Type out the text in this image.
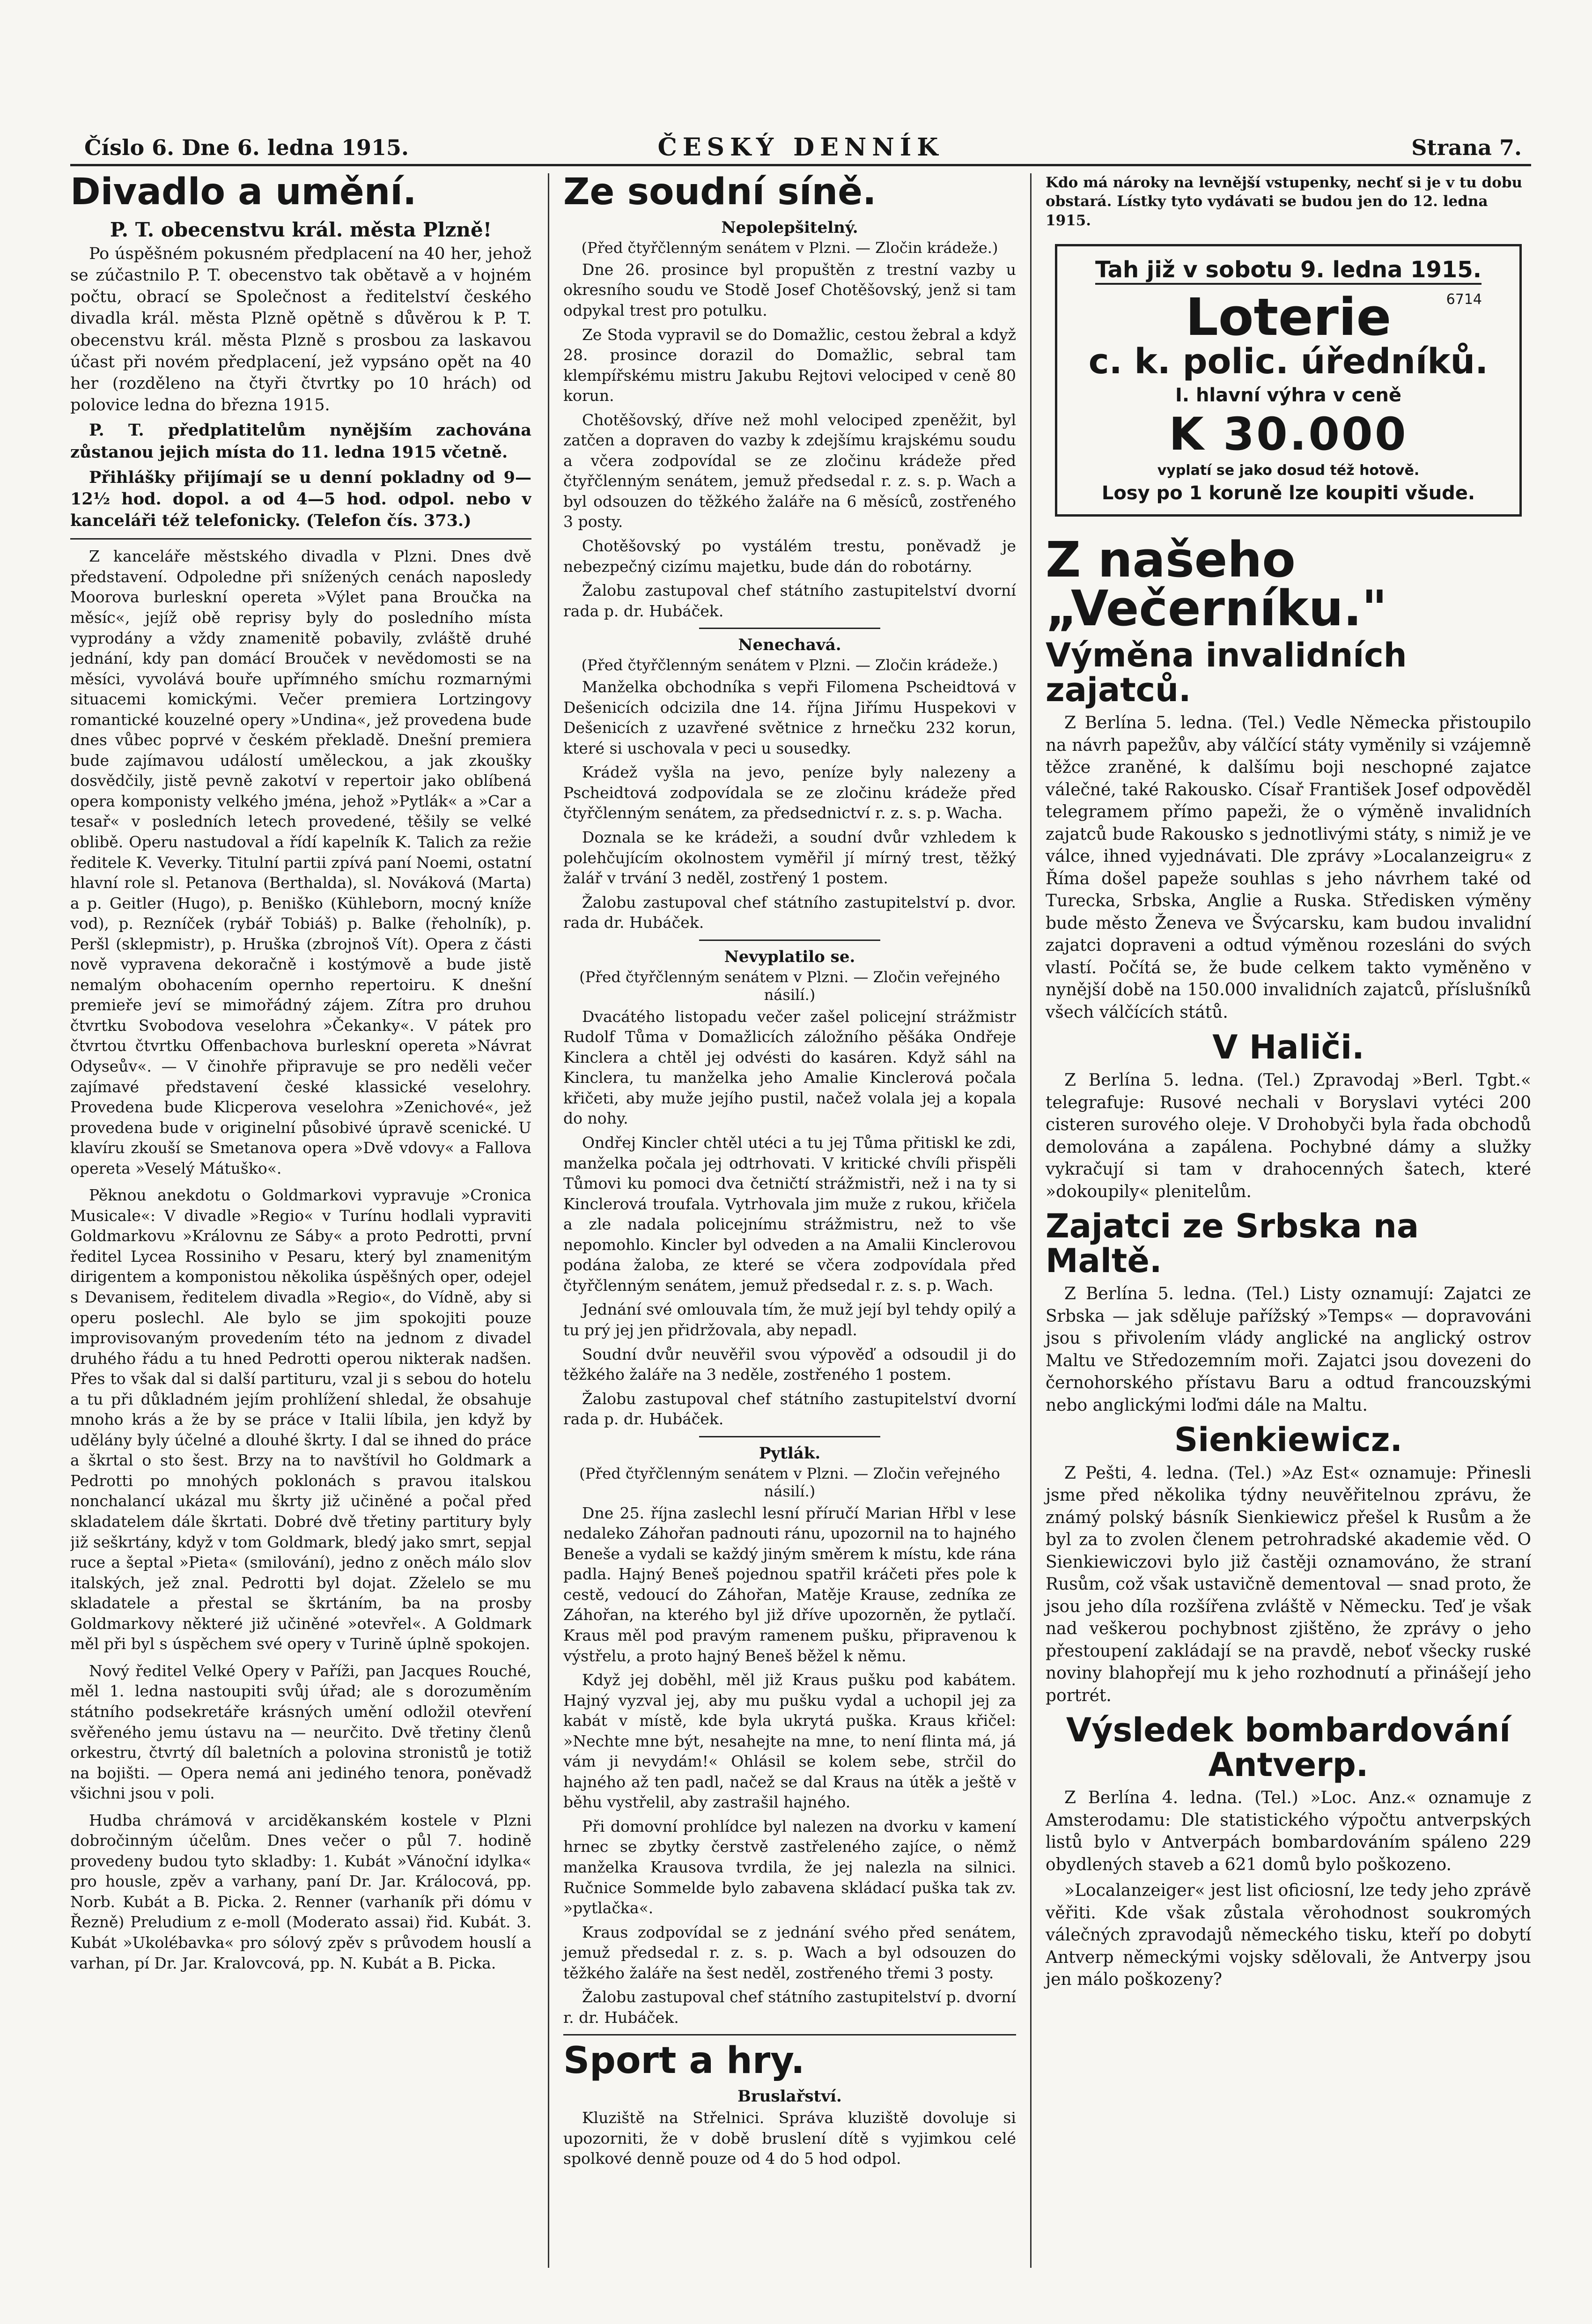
Číslo 6. Dne 6. ledna 1915.	ČESKÝ DENNÍK	Strana 7.
Divadlo a umění.
P. T. obecenstvu král. města Plzně!

Po úspěšném pokusném předplacení na 40 her, jehož se zúčastnilo P. T. obecenstvo tak obětavě a v hojném počtu, obrací se Společnost a ředitelství českého divadla král. města Plzně opětně s důvěrou k P. T. obecenstvu král. města Plzně s prosbou za laskavou účast při novém předplacení, jež vypsáno opět na 40 her (rozděleno na čtyři čtvrtky po 10 hrách) od polovice ledna do března 1915.

P. T. předplatitelům nynějším zachována zůstanou jejich místa do 11. ledna 1915 včetně.

Přihlášky přijímají se u denní pokladny od 9—12½ hod. dopol. a od 4—5 hod. odpol. nebo v kanceláři též telefonicky. (Telefon čís. 373.)

Z kanceláře městského divadla v Plzni. Dnes dvě představení. Odpoledne při snížených cenách naposledy Moorova burleskní opereta »Výlet pana Broučka na měsíc«, jejíž obě reprisy byly do posledního místa vyprodány a vždy znamenitě pobavily, zvláště druhé jednání, kdy pan domácí Brouček v nevědomosti se na měsíci, vyvolává bouře upřímného smíchu rozmarnými situacemi komickými. Večer premiera Lortzingovy romantické kouzelné opery »Undina«, jež provedena bude dnes vůbec poprvé v českém překladě. Dnešní premiera bude zajímavou událostí uměleckou, a jak zkoušky dosvědčily, jistě pevně zakotví v repertoir jako oblíbená opera komponisty velkého jména, jehož »Pytlák« a »Car a tesař« v posledních letech provedené, těšily se velké oblibě. Operu nastudoval a řídí kapelník K. Talich za režie ředitele K. Veverky. Titulní partii zpívá paní Noemi, ostatní hlavní role sl. Petanova (Berthalda), sl. Nováková (Marta) a p. Geitler (Hugo), p. Beniško (Kühleborn, mocný knížе vod), p. Rezníček (rybář Tobiáš) p. Balke (řeholník), p. Peršl (sklepmistr), p. Hruška (zbrojnoš Vít). Opera z části nově vypravena dekoračně i kostýmově a bude jistě nemalým obohacením opernho repertoiru. K dnešní premieře jeví se mimořádný zájem. Zítra pro druhou čtvrtku Svobodova veselohra »Čekanky«. V pátek pro čtvrtou čtvrtku Offenbachova burleskní opereta »Návrat Odyseův«. — V činohře připravuje se pro neděli večer zajímavé představení české klassické veselohry. Provedena bude Klicperova veselohra »Zenichové«, jež provedena bude v originelní působivé úpravě scenické. U klavíru zkouší se Smetanova opera »Dvě vdovy« a Fallova opereta »Veselý Mátuško«.

Pěknou anekdotu o Goldmarkovi vypravuje »Cronica Musicale«: V divadle »Regio« v Turínu hodlali vypraviti Goldmarkovu »Královnu ze Sáby« a proto Pedrotti, první ředitel Lycea Rossiniho v Pesaru, který byl znamenitým dirigentem a komponistou několika úspěšných oper, odejel s Devanisem, ředitelem divadla »Regio«, do Vídně, aby si operu poslechl. Ale bylo se jim spokojiti pouze improvisovaným provedením této na jednom z divadel druhého řádu a tu hned Pedrotti operou nikterak nadšen. Přes to však dal si další partituru, vzal ji s sebou do hotelu a tu při důkladném jejím prohlížení shledal, že obsahuje mnoho krás a že by se práce v Italii líbila, jen když by udělány byly účelné a dlouhé škrty. I dal se ihned do práce a škrtal o sto šest. Brzy na to navštívil ho Goldmark a Pedrotti po mnohých poklonách s pravou italskou nonchalancí ukázal mu škrty již učiněné a počal před skladatelem dále škrtati. Dobré dvě třetiny partitury byly již seškrtány, když v tom Goldmark, bledý jako smrt, sepjal ruce a šeptal »Pieta« (smilování), jedno z oněch málo slov italských, jež znal. Pedrotti byl dojat. Zželelo se mu skladatele a přestal se škrtáním, ba na prosby Goldmarkovy některé již učiněné »otevřel«. A Goldmark měl při byl s úspěchem své opery v Turině úplně spokojen.

Nový ředitel Velké Opery v Paříži, pan Jacques Rouché, měl 1. ledna nastoupiti svůj úřad; ale s dorozuměním státního podsekretáře krásných umění odložil otevření svěřeného jemu ústavu na — neurčito. Dvě třetiny členů orkestru, čtvrtý díl baletních a polovina stronistů je totiž na bojišti. — Opera nemá ani jediného tenora, poněvadž všichni jsou v poli.

Hudba chrámová v arciděkanském kostele v Plzni dobročinným účelům. Dnes večer o půl 7. hodině provedeny budou tyto skladby: 1. Kubát »Vánoční idylka« pro housle, zpěv a varhany, paní Dr. Jar. Králocová, pp. Norb. Kubát a B. Picka. 2. Renner (varhaník při dómu v Řezně) Preludium z e-moll (Moderato assai) řid. Kubát. 3. Kubát »Ukolébavka« pro sólový zpěv s průvodem houslí a varhan, pí Dr. Jar. Kralovcová, pp. N. Kubát a B. Picka.

Ze soudní síně.
Nepolepšitelný.
(Před čtyřčlenným senátem v Plzni. — Zločin krádeže.)

Dne 26. prosince byl propuštěn z trestní vazby u okresního soudu ve Stodě Josef Chotěšovský, jenž si tam odpykal trest pro potulku.

Ze Stoda vypravil se do Domažlic, cestou žebral a když 28. prosince dorazil do Domažlic, sebral tam klempířskému mistru Jakubu Rejtovi velociped v ceně 80 korun.

Chotěšovský, dříve než mohl velociped zpeněžit, byl zatčen a dopraven do vazby k zdejšímu krajskému soudu a včera zodpovídal se ze zločinu krádeže před čtyřčlenným senátem, jemuž předsedal r. z. s. p. Wach a byl odsouzen do těžkého žaláře na 6 měsíců, zostřeného 3 posty.

Chotěšovský po vystálém trestu, poněvadž je nebezpečný cizímu majetku, bude dán do robotárny.

Žalobu zastupoval chef státního zastupitelství dvorní rada p. dr. Hubáček.

Nenechavá.
(Před čtyřčlenným senátem v Plzni. — Zločin krádeže.)

Manželka obchodníka s vepři Filomena Pscheidtová v Dešenicích odcizila dne 14. října Jiřímu Huspekovi v Dešenicích z uzavřené světnice z hrnečku 232 korun, které si uschovala v peci u sousedky.

Krádež vyšla na jevo, peníze byly nalezeny a Pscheidtová zodpovídala se ze zločinu krádeže před čtyřčlenným senátem, za předsednictví r. z. s. p. Wacha.

Doznala se ke krádeži, a soudní dvůr vzhledem k polehčujícím okolnostem vyměřil jí mírný trest, těžký žalář v trvání 3 neděl, zostřený 1 postem.

Žalobu zastupoval chef státního zastupitelství p. dvor. rada dr. Hubáček.

Nevyplatilo se.
(Před čtyřčlenným senátem v Plzni. — Zločin veřejného násilí.)

Dvacátého listopadu večer zašel policejní strážmistr Rudolf Tůma v Domažlicích záložního pěšáka Ondřeje Kinclera a chtěl jej odvésti do kasáren. Když sáhl na Kinclera, tu manželka jeho Amalie Kinclerová počala křičeti, aby muže jejího pustil, načež volala jej a kopala do nohy.

Ondřej Kincler chtěl utéci a tu jej Tůma přitiskl ke zdi, manželka počala jej odtrhovati. V kritické chvíli přispěli Tůmovi ku pomoci dva četničtí strážmistři, než i na ty si Kinclerová troufala. Vytrhovala jim muže z rukou, křičela a zle nadala policejnímu strážmistru, než to vše nepomohlo. Kincler byl odveden a na Amalii Kinclerovou podána žaloba, ze které se včera zodpovídala před čtyřčlenným senátem, jemuž předsedal r. z. s. p. Wach.

Jednání své omlouvala tím, že muž její byl tehdy opilý a tu prý jej jen přidržovala, aby nepadl.

Soudní dvůr neuvěřil svou výpověď a odsoudil ji do těžkého žaláře na 3 neděle, zostřeného 1 postem.

Žalobu zastupoval chef státního zastupitelství dvorní rada p. dr. Hubáček.

Pytlák.
(Před čtyřčlenným senátem v Plzni. — Zločin veřejného násilí.)

Dne 25. října zaslechl lesní příručí Marian Hřbl v lese nedaleko Záhořan padnouti ránu, upozornil na to hajného Beneše a vydali se každý jiným směrem k místu, kde rána padla. Hajný Beneš pojednou spatřil kráčeti přes pole k cestě, vedoucí do Záhořan, Matěje Krause, zedníka ze Záhořan, na kterého byl již dříve upozorněn, že pytlačí. Kraus měl pod pravým ramenem pušku, připravenou k výstřelu, a proto hajný Beneš běžel k němu.

Když jej doběhl, měl již Kraus pušku pod kabátem. Hajný vyzval jej, aby mu pušku vydal a uchopil jej za kabát v místě, kde byla ukrytá puška. Kraus křičel: »Nechte mne být, nesahejte na mne, to není flinta má, já vám ji nevydám!« Ohlásil se kolem sebe, strčil do hajného až ten padl, načež se dal Kraus na útěk a ještě v běhu vystřelil, aby zastrašil hajného.

Při domovní prohlídce byl nalezen na dvorku v kamení hrnec se zbytky čerstvě zastřeleného zajíce, o němž manželka Krausova tvrdila, že jej nalezla na silnici. Ručnice Sommelde bylo zabavena skládací puška tak zv. »pytlačka«.

Kraus zodpovídal se z jednání svého před senátem, jemuž předsedal r. z. s. p. Wach a byl odsouzen do těžkého žaláře na šest neděl, zostřeného třemi 3 posty.

Žalobu zastupoval chef státního zastupitelství p. dvorní r. dr. Hubáček.

Sport a hry.
Bruslařství.

Kluziště na Střelnici. Správa kluziště dovoluje si upozorniti, že v době bruslení dítě s vyjimkou celé spolkové denně pouze od 4 do 5 hod odpol.

Kdo má nároky na levnější vstupenky, nechť si je v tu dobu obstará. Lístky tyto vydávati se budou jen do 12. ledna 1915.
Tah již v sobotu 9. ledna 1915.
6714
Loterie
c. k. polic. úředníků.
I. hlavní výhra v ceně
K 30.000
vyplatí se jako dosud též hotově.
Losy po 1 koruně lze koupiti všude.
Z našeho „Večerníku."
Výměna invalidních zajatců.

Z Berlína 5. ledna. (Tel.) Vedle Německa přistoupilo na návrh papežův, aby válčící státy vyměnily si vzájemně těžce zraněné, k dalšímu boji neschopné zajatce válečné, také Rakousko. Císař František Josef odpověděl telegramem přímo papeži, že o výměně invalidních zajatců bude Rakousko s jednotlivými státy, s nimiž je ve válce, ihned vyjednávati. Dle zprávy »Localanzeigru« z Říma došel papeže souhlas s jeho návrhem také od Turecka, Srbska, Anglie a Ruska. Středisken výměny bude město Ženeva ve Švýcarsku, kam budou invalidní zajatci dopraveni a odtud výměnou rozesláni do svých vlastí. Počítá se, že bude celkem takto vyměněno v nynější době na 150.000 invalidních zajatců, příslušníků všech válčících států.

V Haliči.

Z Berlína 5. ledna. (Tel.) Zpravodaj »Berl. Tgbt.« telegrafuje: Rusové nechali v Boryslavi vytéci 200 cisteren surového oleje. V Drohobyči byla řada obchodů demolována a zapálena. Pochybné dámy a služky vykračují si tam v drahocenných šatech, které »dokoupily« plenitelům.

Zajatci ze Srbska na Maltě.

Z Berlína 5. ledna. (Tel.) Listy oznamují: Zajatci ze Srbska — jak sděluje pařížský »Temps« — dopravováni jsou s přivolením vlády anglické na anglický ostrov Maltu ve Středozemním moři. Zajatci jsou dovezeni do černohorského přístavu Baru a odtud francouzskými nebo anglickými loďmi dále na Maltu.

Sienkiewicz.

Z Pešti, 4. ledna. (Tel.) »Az Est« oznamuje: Přinesli jsme před několika týdny neuvěřitelnou zprávu, že známý polský básník Sienkiewicz přešel k Rusům a že byl za to zvolen členem petrohradské akademie věd. O Sienkiewiczovi bylo již častěji oznamováno, že straní Rusům, což však ustavičně dementoval — snad proto, že jsou jeho díla rozšířena zvláště v Německu. Teď je však nad veškerou pochybnost zjištěno, že zprávy o jeho přestoupení zakládají se na pravdě, neboť všecky ruské noviny blahopřejí mu k jeho rozhodnutí a přinášejí jeho portrét.

Výsledek bombardování Antverp.

Z Berlína 4. ledna. (Tel.) »Loc. Anz.« oznamuje z Amsterodamu: Dle statistického výpočtu antverpských listů bylo v Antverpách bombardováním spáleno 229 obydlených staveb a 621 domů bylo poškozeno.

»Localanzeiger« jest list oficiosní, lze tedy jeho zprávě věřiti. Kde však zůstala věrohodnost soukromých válečných zpravodajů německého tisku, kteří po dobytí Antverp německými vojsky sdělovali, že Antverpy jsou jen málo poškozeny?
